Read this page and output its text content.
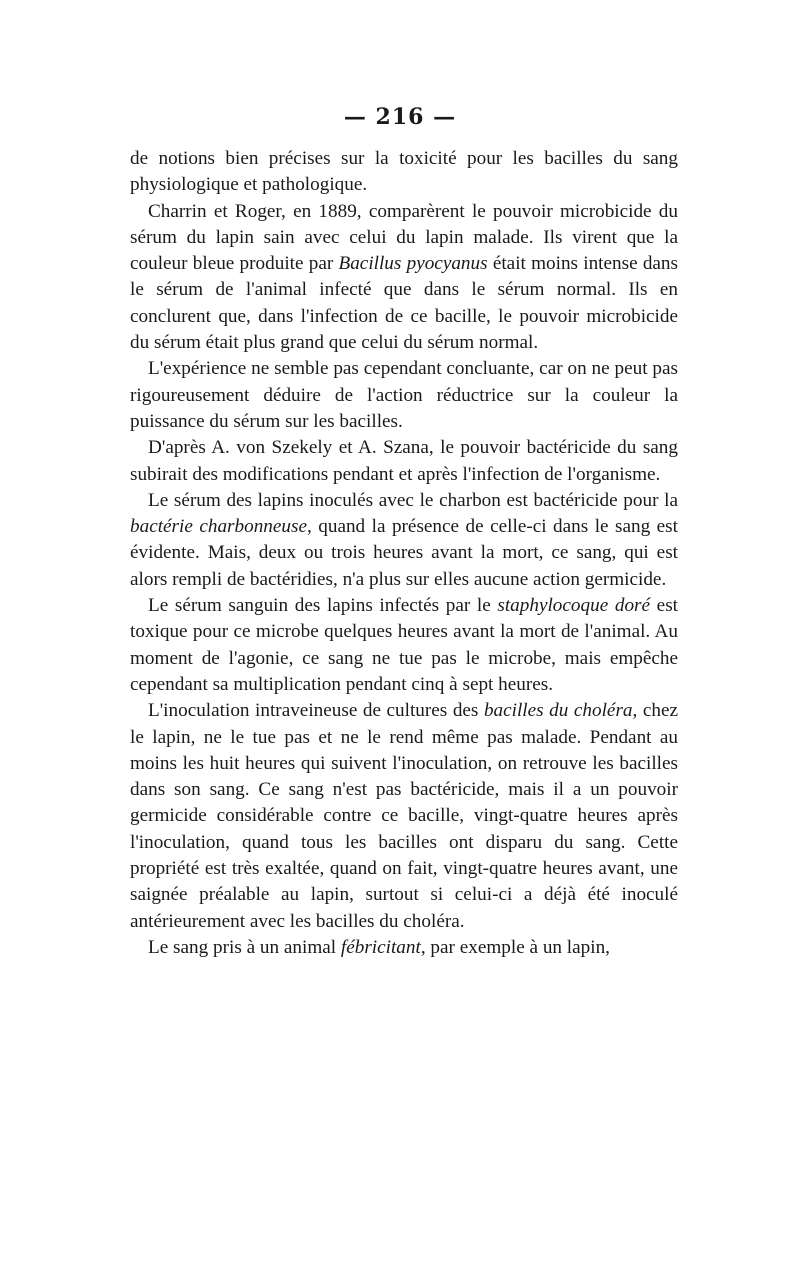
— 216 —

de notions bien précises sur la toxicité pour les bacilles du sang physiologique et pathologique.

Charrin et Roger, en 1889, comparèrent le pouvoir microbicide du sérum du lapin sain avec celui du lapin malade. Ils virent que la couleur bleue produite par Bacillus pyocyanus était moins intense dans le sérum de l'animal infecté que dans le sérum normal. Ils en conclurent que, dans l'infection de ce bacille, le pouvoir microbicide du sérum était plus grand que celui du sérum normal.

L'expérience ne semble pas cependant concluante, car on ne peut pas rigoureusement déduire de l'action réductrice sur la couleur la puissance du sérum sur les bacilles.

D'après A. von Szekely et A. Szana, le pouvoir bactéricide du sang subirait des modifications pendant et après l'infection de l'organisme.

Le sérum des lapins inoculés avec le charbon est bactéricide pour la bactérie charbonneuse, quand la présence de celle-ci dans le sang est évidente. Mais, deux ou trois heures avant la mort, ce sang, qui est alors rempli de bactéridies, n'a plus sur elles aucune action germicide.

Le sérum sanguin des lapins infectés par le staphylocoque doré est toxique pour ce microbe quelques heures avant la mort de l'animal. Au moment de l'agonie, ce sang ne tue pas le microbe, mais empêche cependant sa multiplication pendant cinq à sept heures.

L'inoculation intraveineuse de cultures des bacilles du choléra, chez le lapin, ne le tue pas et ne le rend même pas malade. Pendant au moins les huit heures qui suivent l'inoculation, on retrouve les bacilles dans son sang. Ce sang n'est pas bactéricide, mais il a un pouvoir germicide considérable contre ce bacille, vingt-quatre heures après l'inoculation, quand tous les bacilles ont disparu du sang. Cette propriété est très exaltée, quand on fait, vingt-quatre heures avant, une saignée préalable au lapin, surtout si celui-ci a déjà été inoculé antérieurement avec les bacilles du choléra.

Le sang pris à un animal fébricitant, par exemple à un lapin,
